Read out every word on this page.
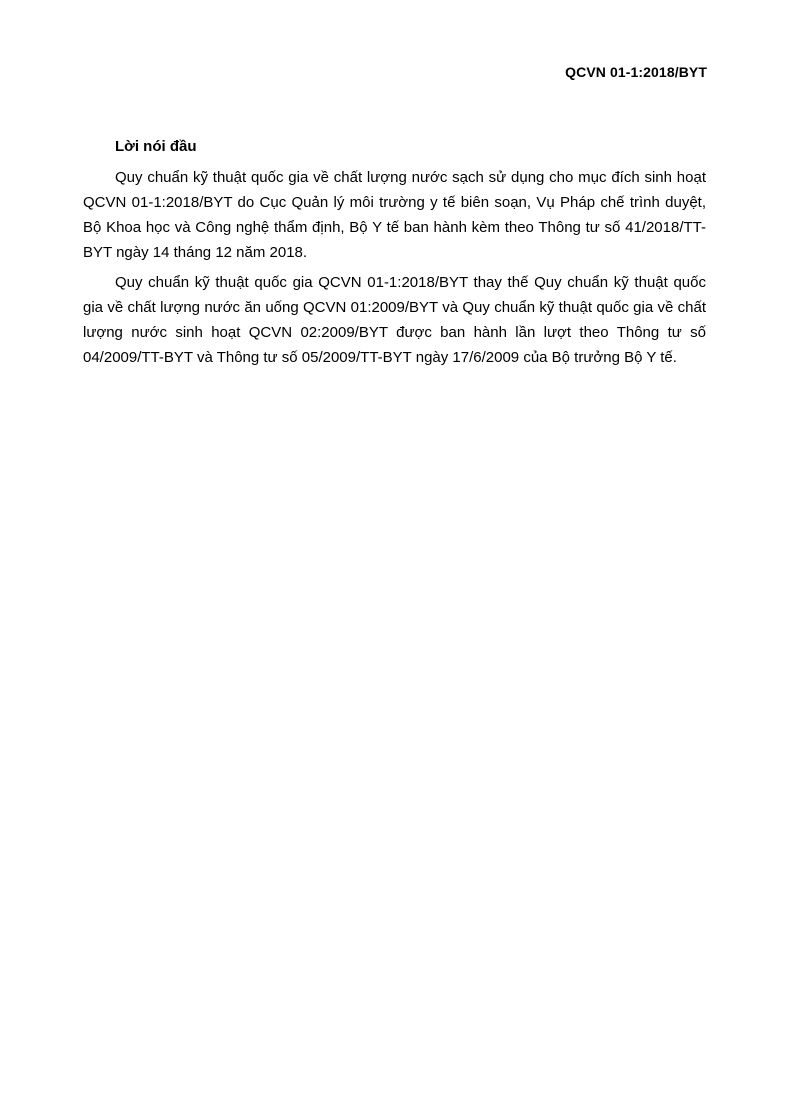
QCVN 01-1:2018/BYT
Lời nói đầu

Quy chuẩn kỹ thuật quốc gia về chất lượng nước sạch sử dụng cho mục đích sinh hoạt QCVN 01-1:2018/BYT do Cục Quản lý môi trường y tế biên soạn, Vụ Pháp chế trình duyệt, Bộ Khoa học và Công nghệ thẩm định, Bộ Y tế ban hành kèm theo Thông tư số 41/2018/TT-BYT ngày 14 tháng 12 năm 2018.

Quy chuẩn kỹ thuật quốc gia QCVN 01-1:2018/BYT thay thế Quy chuẩn kỹ thuật quốc gia về chất lượng nước ăn uống QCVN 01:2009/BYT và Quy chuẩn kỹ thuật quốc gia về chất lượng nước sinh hoạt QCVN 02:2009/BYT được ban hành lần lượt theo Thông tư số 04/2009/TT-BYT và Thông tư số 05/2009/TT-BYT ngày 17/6/2009 của Bộ trưởng Bộ Y tế.
